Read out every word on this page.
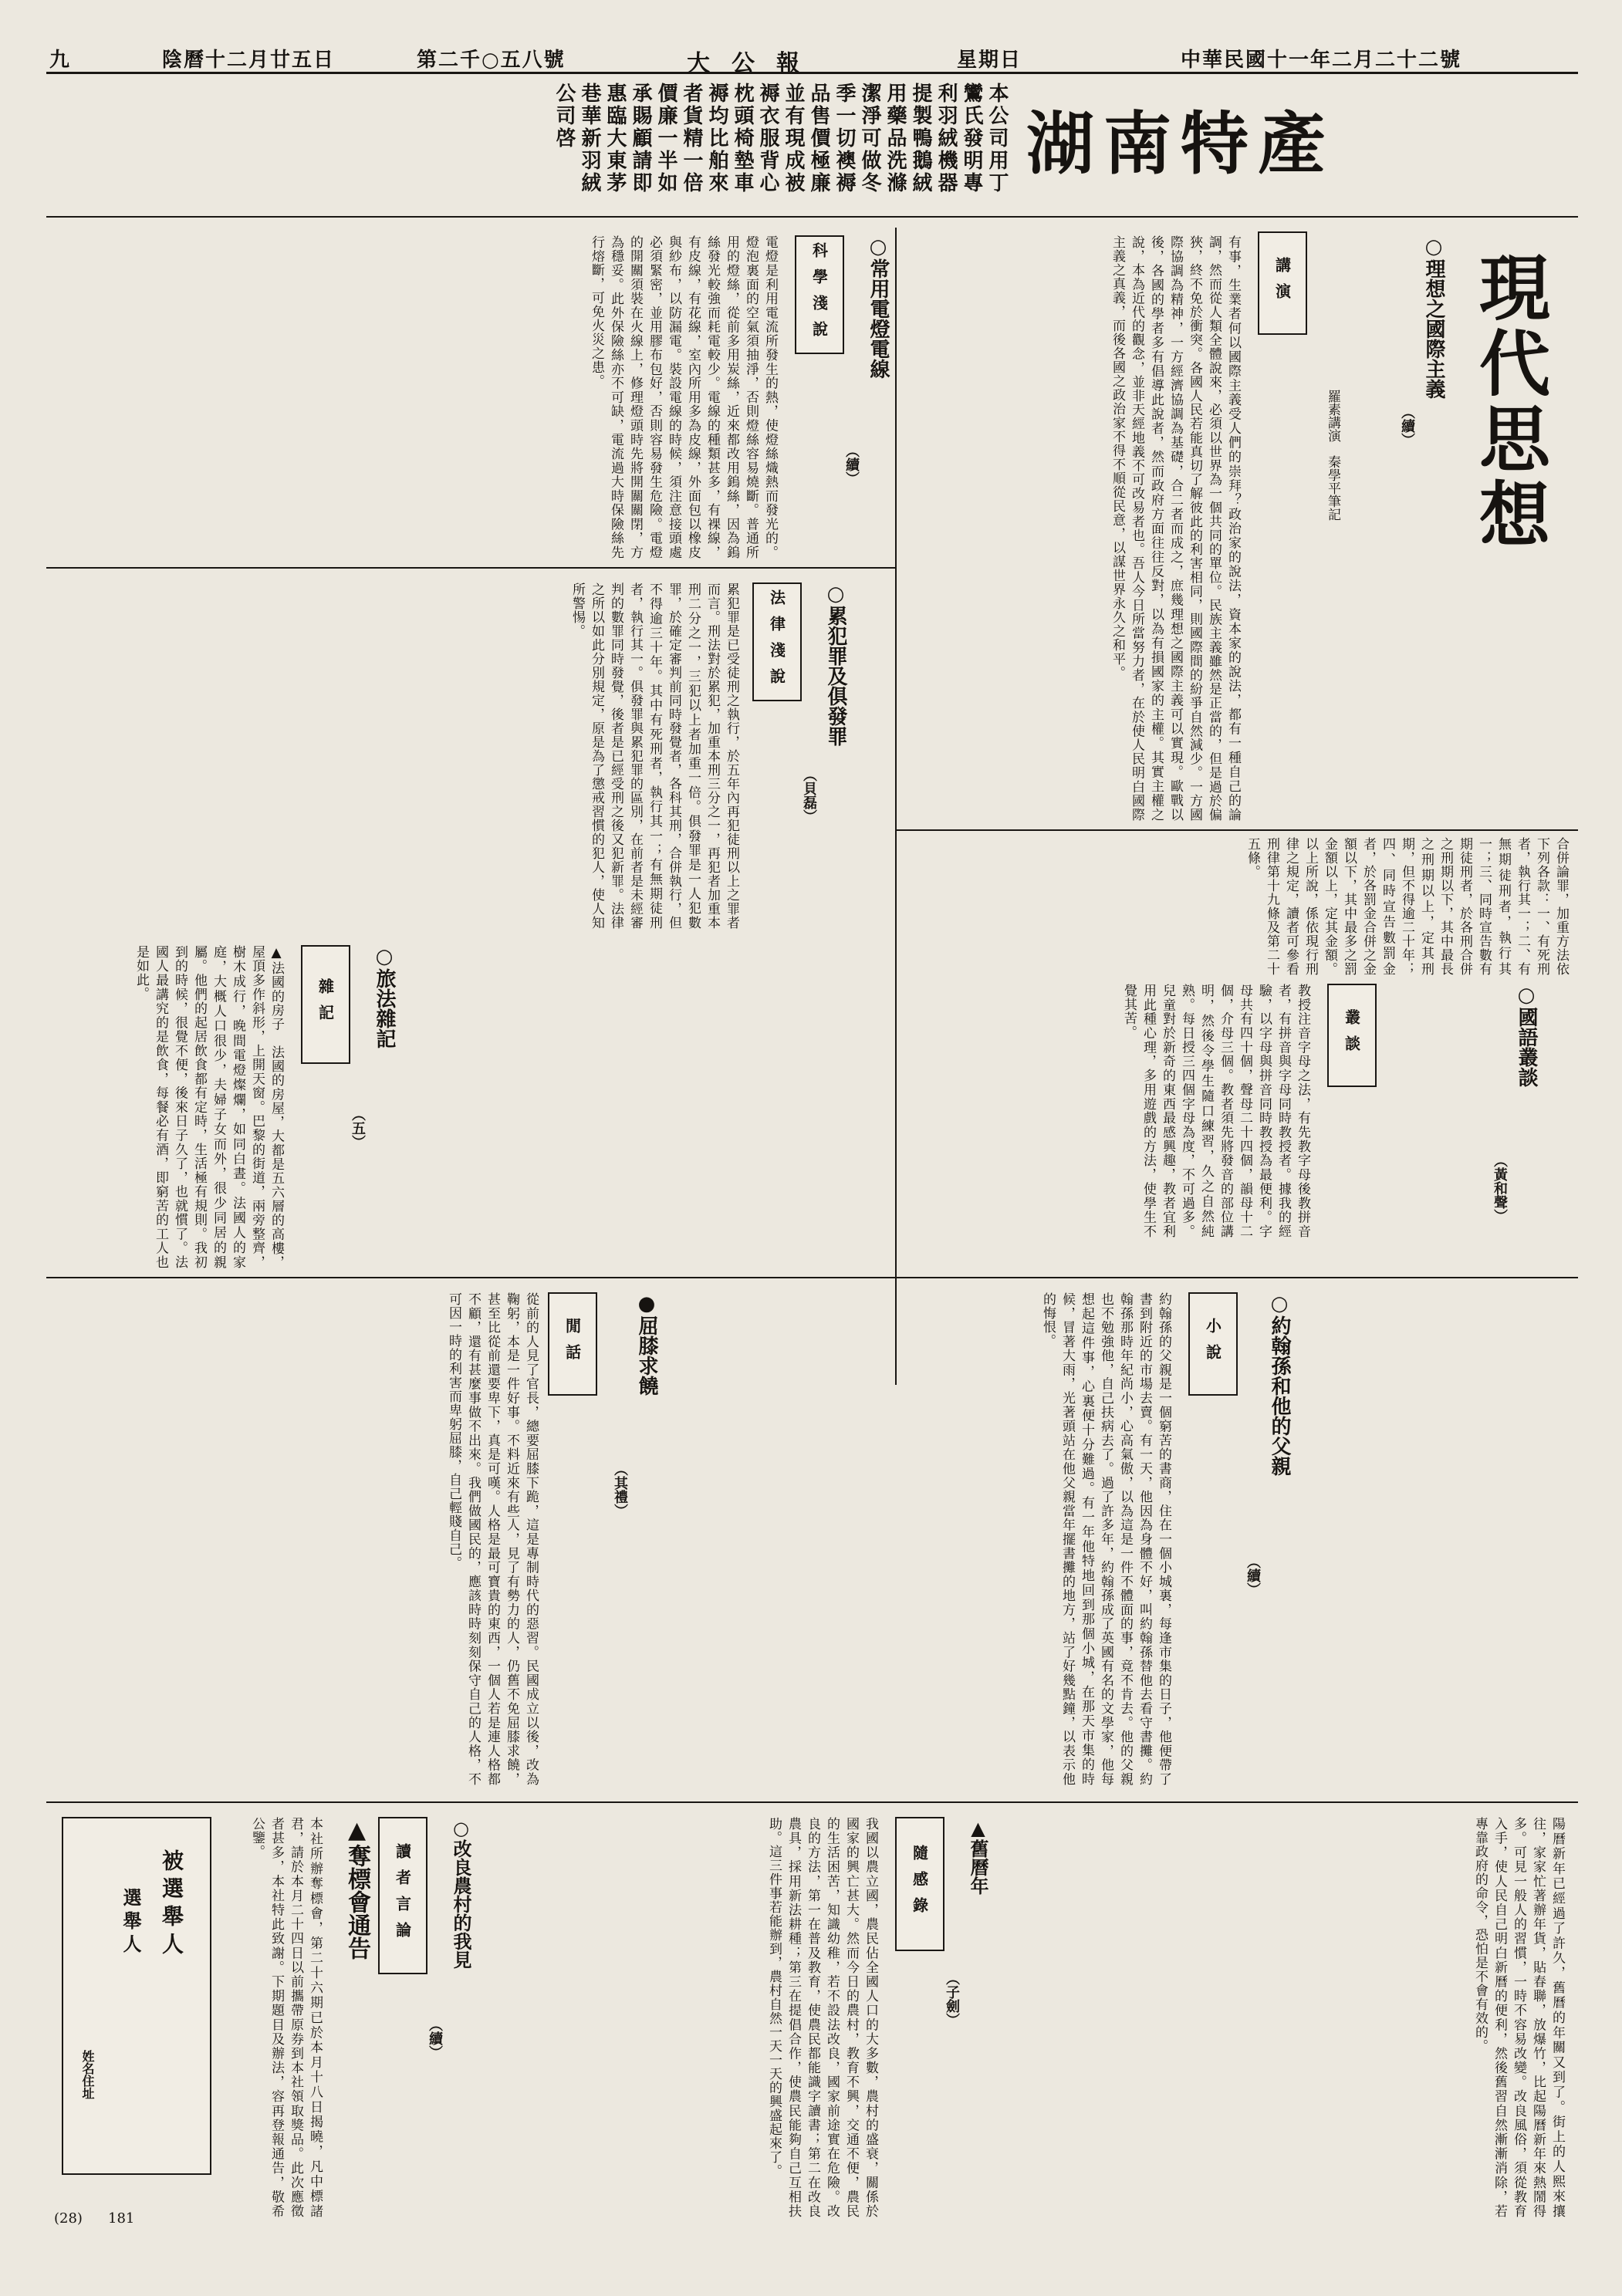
九	陰曆十二月廿五日	第二千○五八號	大公報	星期日	中華民國十一年二月二十二號
湖南特產
本公司用丁鸞氏發明專利羽絨機器提製鴨鵝絨用藥品洗滌潔淨可做冬季一切襖褥品售價極廉並有現成被褥衣服背心枕頭椅墊車褥均比舶來者貨精一倍價廉一半如承賜顧請即惠臨大東茅巷華新羽絨公司啓
現代思想
講演	○理想之國際主義
（續）
羅素講演　秦學平筆記
有事，生業者何以國際主義受人們的崇拜？政治家的說法，資本家的說法，都有一種自己的論調，然而從人類全體說來，必須以世界為一個共同的單位。民族主義雖然是正當的，但是過於偏狹，終不免於衝突。各國人民若能真切了解彼此的利害相同，則國際間的紛爭自然減少。一方國際協調為精神，一方經濟協調為基礎，合二者而成之，庶幾理想之國際主義可以實現。歐戰以後，各國的學者多有倡導此說者，然而政府方面往往反對，以為有損國家的主權。其實主權之說，本為近代的觀念，並非天經地義不可改易者也。吾人今日所當努力者，在於使人民明白國際主義之真義，而後各國之政治家不得不順從民意，以謀世界永久之和平。
科學淺說 ○常用電燈電線
（續）
電燈是利用電流所發生的熱，使燈絲熾熱而發光的。燈泡裏面的空氣須抽淨，否則燈絲容易燒斷。普通所用的燈絲，從前多用炭絲，近來都改用鎢絲，因為鎢絲發光較強而耗電較少。電線的種類甚多，有裸線，有皮線，有花線，室內所用多為皮線，外面包以橡皮與紗布，以防漏電。裝設電線的時候，須注意接頭處必須緊密，並用膠布包好，否則容易發生危險。電燈的開關須裝在火線上，修理燈頭時先將開關關閉，方為穩妥。此外保險絲亦不可缺，電流過大時保險絲先行熔斷，可免火災之患。
法律淺說 ○累犯罪及俱發罪
（貝磊）
累犯罪是已受徒刑之執行，於五年內再犯徒刑以上之罪者而言。刑法對於累犯，加重本刑三分之一，再犯者加重本刑二分之一，三犯以上者加重一倍。俱發罪是一人犯數罪，於確定審判前同時發覺者，各科其刑，合併執行，但不得逾三十年。其中有死刑者，執行其一；有無期徒刑者，執行其一。俱發罪與累犯罪的區別，在前者是未經審判的數罪同時發覺，後者是已經受刑之後又犯新罪。法律之所以如此分別規定，原是為了懲戒習慣的犯人，使人知所警惕。
合併論罪，加重方法依下列各款：一、有死刑者，執行其一；二、有無期徒刑者，執行其一；三、同時宣告數有期徒刑者，於各刑合併之刑期以下，其中最長之刑期以上，定其刑期，但不得逾二十年；四、同時宣告數罰金者，於各罰金合併之金額以下，其中最多之罰金額以上，定其金額。以上所說，係依現行刑律之規定，讀者可參看刑律第十九條及第二十五條。
叢談	○國語叢談
（黃和聲）
教授注音字母之法，有先教字母後教拼音者，有拼音與字母同時教授者。據我的經驗，以字母與拼音同時教授為最便利。字母共有四十個，聲母二十四個，韻母十二個，介母三個。教者須先將發音的部位講明，然後令學生隨口練習，久之自然純熟。每日授三四個字母為度，不可過多。兒童對於新奇的東西最感興趣，教者宜利用此種心理，多用遊戲的方法，使學生不覺其苦。
雜記 ○旅法雜記
（五）
▲法國的房子　法國的房屋，大都是五六層的高樓，屋頂多作斜形，上開天窗。巴黎的街道，兩旁整齊，樹木成行，晚間電燈燦爛，如同白晝。法國人的家庭，大概人口很少，夫婦子女而外，很少同居的親屬。他們的起居飲食都有定時，生活極有規則。我初到的時候，很覺不便，後來日子久了，也就慣了。法國人最講究的是飲食，每餐必有酒，即窮苦的工人也是如此。
小說 ○約翰孫和他的父親
（續）
約翰孫的父親是一個窮苦的書商，住在一個小城裏，每逢市集的日子，他便帶了書到附近的市場去賣。有一天，他因為身體不好，叫約翰孫替他去看守書攤。約翰孫那時年紀尚小，心高氣傲，以為這是一件不體面的事，竟不肯去。他的父親也不勉強他，自己扶病去了。過了許多年，約翰孫成了英國有名的文學家，他每想起這件事，心裏便十分難過。有一年他特地回到那個小城，在那天市集的時候，冒著大雨，光著頭站在他父親當年擺書攤的地方，站了好幾點鐘，以表示他的悔恨。
閒話	●屈膝求饒
（其禮）
從前的人見了官長，總要屈膝下跪，這是專制時代的惡習。民國成立以後，改為鞠躬，本是一件好事。不料近來有些人，見了有勢力的人，仍舊不免屈膝求饒，甚至比從前還要卑下，真是可嘆。人格是最可寶貴的東西，一個人若是連人格都不顧，還有甚麼事做不出來。我們做國民的，應該時時刻刻保守自己的人格，不可因一時的利害而卑躬屈膝，自己輕賤自己。
隨感錄 ▲舊曆年
（子劍）	陽曆新年已經過了許久，舊曆的年關又到了。街上的人熙來攘往，家家忙著辦年貨，貼春聯，放爆竹，比起陽曆新年來熱鬧得多。可見一般人的習慣，一時不容易改變。改良風俗，須從教育入手，使人民自己明白新曆的便利，然後舊習自然漸漸消除，若專靠政府的命令，恐怕是不會有效的。
讀者言論 ○改良農村的我見
（續）	我國以農立國，農民佔全國人口的大多數，農村的盛衰，關係於國家的興亡甚大。然而今日的農村，教育不興，交通不便，農民的生活困苦，知識幼稚，若不設法改良，國家前途實在危險。改良的方法，第一在普及教育，使農民都能識字讀書；第二在改良農具，採用新法耕種；第三在提倡合作，使農民能夠自己互相扶助。這三件事若能辦到，農村自然一天一天的興盛起來了。
▲奪標會通告
本社所辦奪標會，第二十六期已於本月十八日揭曉，凡中標諸君，請於本月二十四日以前攜帶原券到本社領取獎品。此次應徵者甚多，本社特此致謝。下期題目及辦法，容再登報通告，敬希　公鑒。
被選舉人
選舉人
姓名住址
(28) 181
